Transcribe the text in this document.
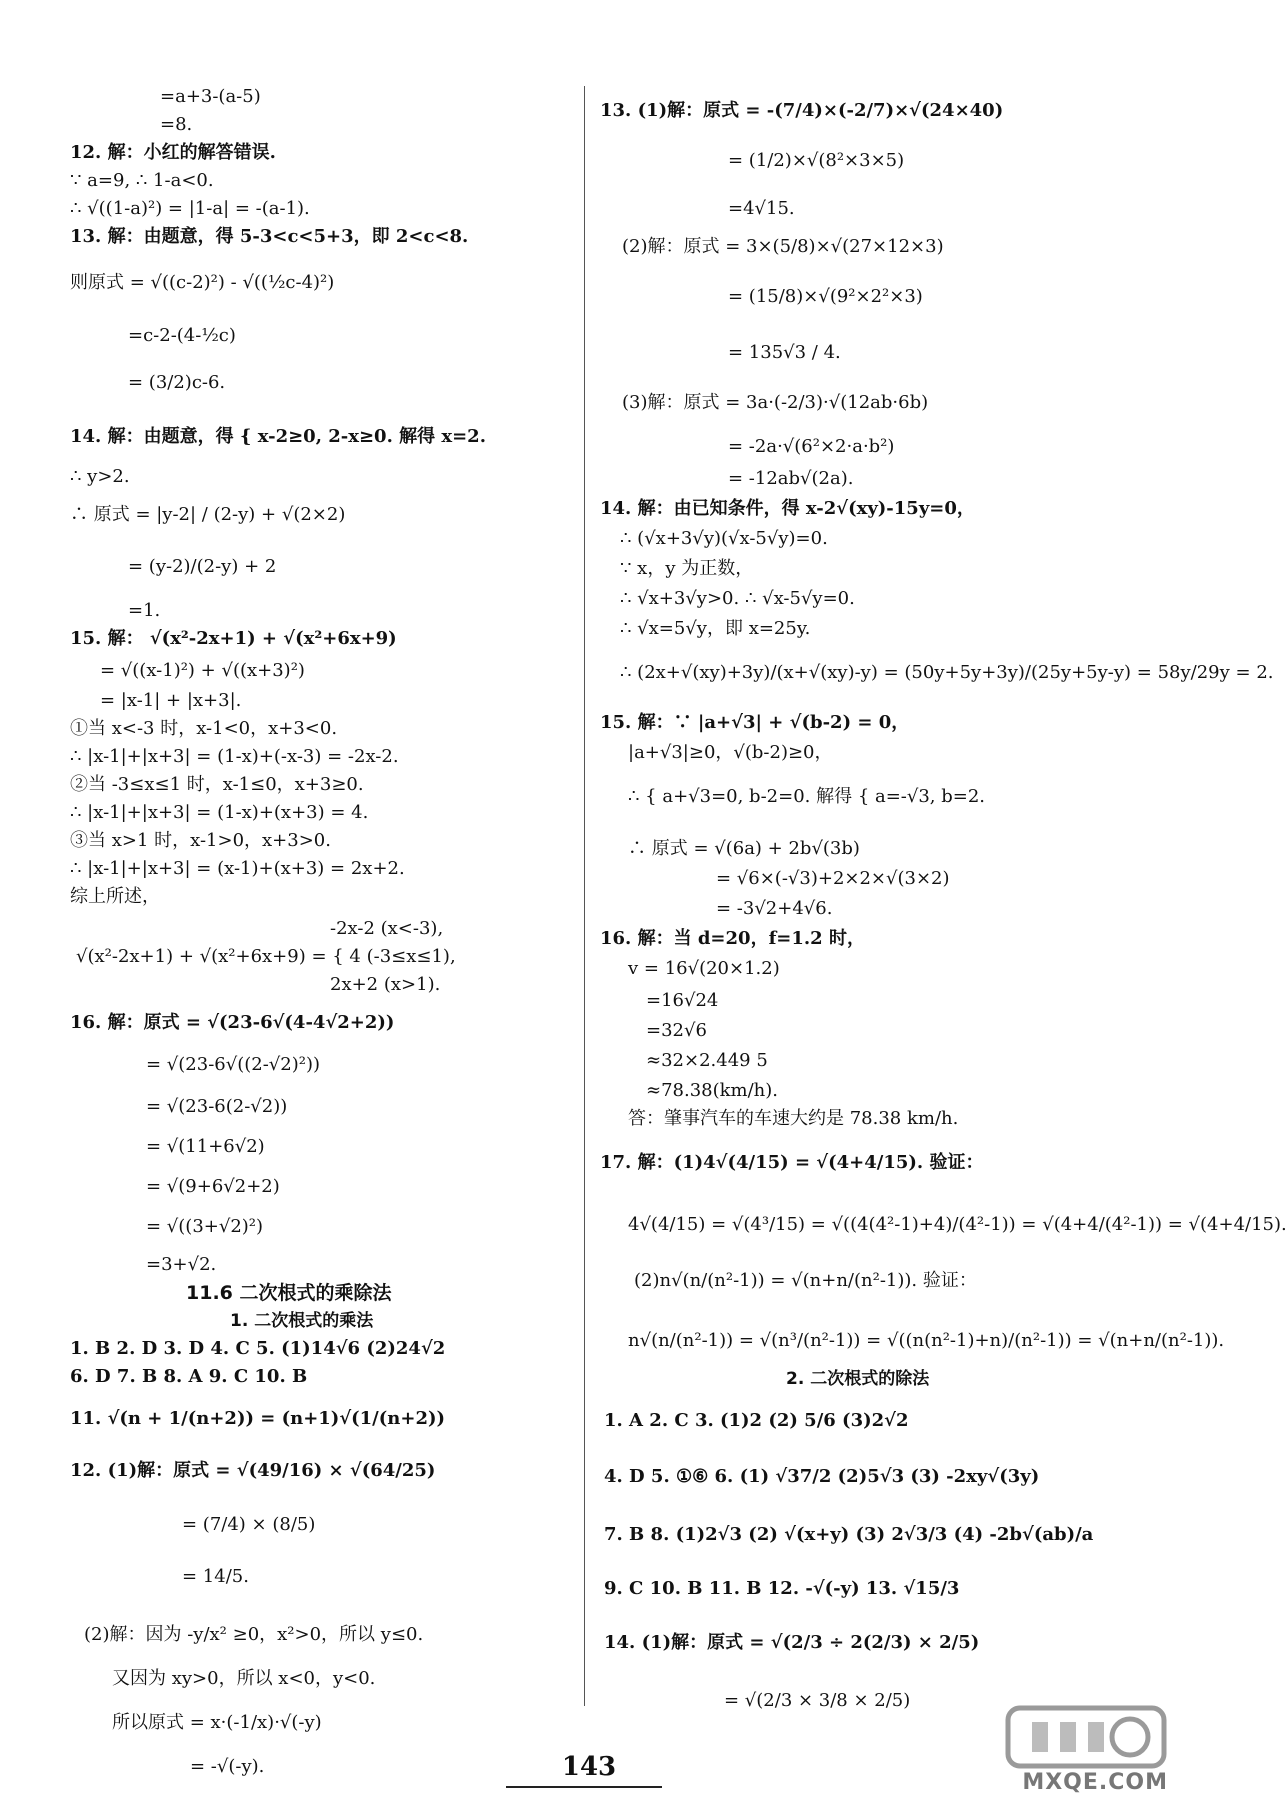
=a+3-(a-5)
=8.
12. 解：小红的解答错误.
∵ a=9, ∴ 1-a<0.
∴ √((1-a)²) = |1-a| = -(a-1).
13. 解：由题意，得 5-3<c<5+3，即 2<c<8.
则原式 = √((c-2)²) - √((½c-4)²)
=c-2-(4-½c)
= (3/2)c-6.
14. 解：由题意，得 { x-2≥0, 2-x≥0. 解得 x=2.
∴ y>2.
∴ 原式 = |y-2| / (2-y) + √(2×2)
= (y-2)/(2-y) + 2
=1.
15. 解： √(x²-2x+1) + √(x²+6x+9)
= √((x-1)²) + √((x+3)²)
= |x-1| + |x+3|.
①当 x<-3 时，x-1<0，x+3<0.
∴ |x-1|+|x+3| = (1-x)+(-x-3) = -2x-2.
②当 -3≤x≤1 时，x-1≤0，x+3≥0.
∴ |x-1|+|x+3| = (1-x)+(x+3) = 4.
③当 x>1 时，x-1>0，x+3>0.
∴ |x-1|+|x+3| = (x-1)+(x+3) = 2x+2.
综上所述，
-2x-2 (x<-3),
√(x²-2x+1) + √(x²+6x+9) = { 4 (-3≤x≤1),
2x+2 (x>1).
16. 解：原式 = √(23-6√(4-4√2+2))
= √(23-6√((2-√2)²))
= √(23-6(2-√2))
= √(11+6√2)
= √(9+6√2+2)
= √((3+√2)²)
=3+√2.
11.6 二次根式的乘除法
1. 二次根式的乘法
1. B 2. D 3. D 4. C 5. (1)14√6 (2)24√2
6. D 7. B 8. A 9. C 10. B
11. √(n + 1/(n+2)) = (n+1)√(1/(n+2))
12. (1)解：原式 = √(49/16) × √(64/25)
= (7/4) × (8/5)
= 14/5.
(2)解：因为 -y/x² ≥0，x²>0，所以 y≤0.
又因为 xy>0，所以 x<0，y<0.
所以原式 = x·(-1/x)·√(-y)
= -√(-y).
13. (1)解：原式 = -(7/4)×(-2/7)×√(24×40)
= (1/2)×√(8²×3×5)
=4√15.
(2)解：原式 = 3×(5/8)×√(27×12×3)
= (15/8)×√(9²×2²×3)
= 135√3 / 4.
(3)解：原式 = 3a·(-2/3)·√(12ab·6b)
= -2a·√(6²×2·a·b²)
= -12ab√(2a).
14. 解：由已知条件，得 x-2√(xy)-15y=0，
∴ (√x+3√y)(√x-5√y)=0.
∵ x，y 为正数，
∴ √x+3√y>0. ∴ √x-5√y=0.
∴ √x=5√y，即 x=25y.
∴ (2x+√(xy)+3y)/(x+√(xy)-y) = (50y+5y+3y)/(25y+5y-y) = 58y/29y = 2.
15. 解：∵ |a+√3| + √(b-2) = 0，
|a+√3|≥0，√(b-2)≥0，
∴ { a+√3=0, b-2=0. 解得 { a=-√3, b=2.
∴ 原式 = √(6a) + 2b√(3b)
= √6×(-√3)+2×2×√(3×2)
= -3√2+4√6.
16. 解：当 d=20，f=1.2 时，
v = 16√(20×1.2)
=16√24
=32√6
≈32×2.449 5
≈78.38(km/h).
答：肇事汽车的车速大约是 78.38 km/h.
17. 解：(1)4√(4/15) = √(4+4/15). 验证：
4√(4/15) = √(4³/15) = √((4(4²-1)+4)/(4²-1)) = √(4+4/(4²-1)) = √(4+4/15).
(2)n√(n/(n²-1)) = √(n+n/(n²-1)). 验证：
n√(n/(n²-1)) = √(n³/(n²-1)) = √((n(n²-1)+n)/(n²-1)) = √(n+n/(n²-1)).
2. 二次根式的除法
1. A 2. C 3. (1)2 (2) 5/6 (3)2√2
4. D 5. ①⑥ 6. (1) √37/2 (2)5√3 (3) -2xy√(3y)
7. B 8. (1)2√3 (2) √(x+y) (3) 2√3/3 (4) -2b√(ab)/a
9. C 10. B 11. B 12. -√(-y) 13. √15/3
14. (1)解：原式 = √(2/3 ÷ 2(2/3) × 2/5)
= √(2/3 × 3/8 × 2/5)
143
MXQE.COM
